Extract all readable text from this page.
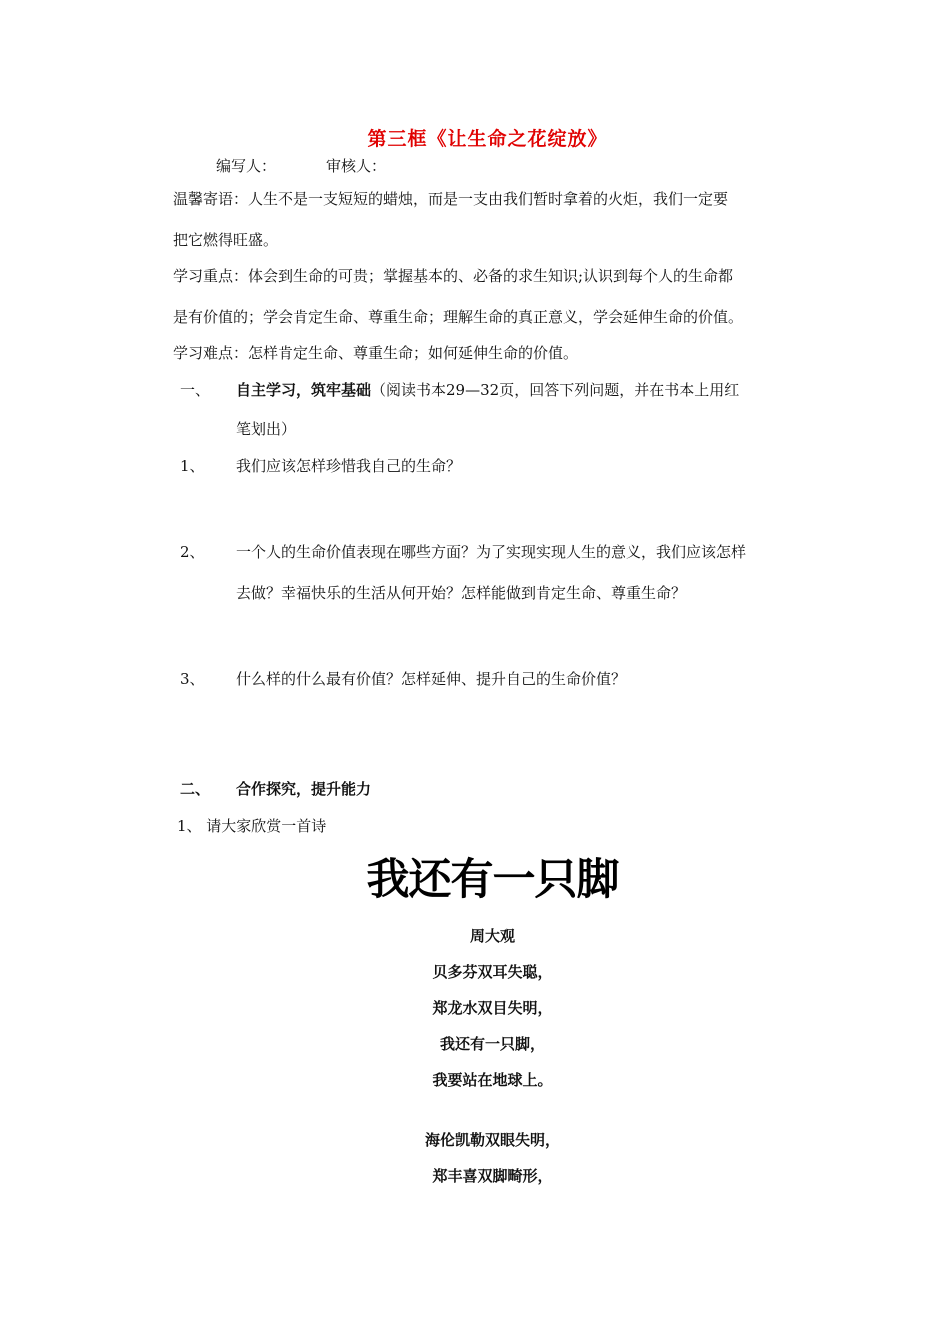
第三框《让生命之花绽放》
编写人：	审核人：
温馨寄语：人生不是一支短短的蜡烛，而是一支由我们暂时拿着的火炬，我们一定要
把它燃得旺盛。
学习重点：体会到生命的可贵；掌握基本的、必备的求生知识;认识到每个人的生命都
是有价值的；学会肯定生命、尊重生命；理解生命的真正意义，学会延伸生命的价值。
学习难点：怎样肯定生命、尊重生命；如何延伸生命的价值。
一、 自主学习，筑牢基础（阅读书本29—32页，回答下列问题，并在书本上用红
笔划出）
1、 我们应该怎样珍惜我自己的生命？
2、 一个人的生命价值表现在哪些方面？为了实现实现人生的意义，我们应该怎样
去做？幸福快乐的生活从何开始？怎样能做到肯定生命、尊重生命？
3、 什么样的什么最有价值？怎样延伸、提升自己的生命价值？
二、 合作探究，提升能力
1、 请大家欣赏一首诗
我还有一只脚
周大观
贝多芬双耳失聪，
郑龙水双目失明，
我还有一只脚，
我要站在地球上。
海伦凯勒双眼失明，
郑丰喜双脚畸形，
